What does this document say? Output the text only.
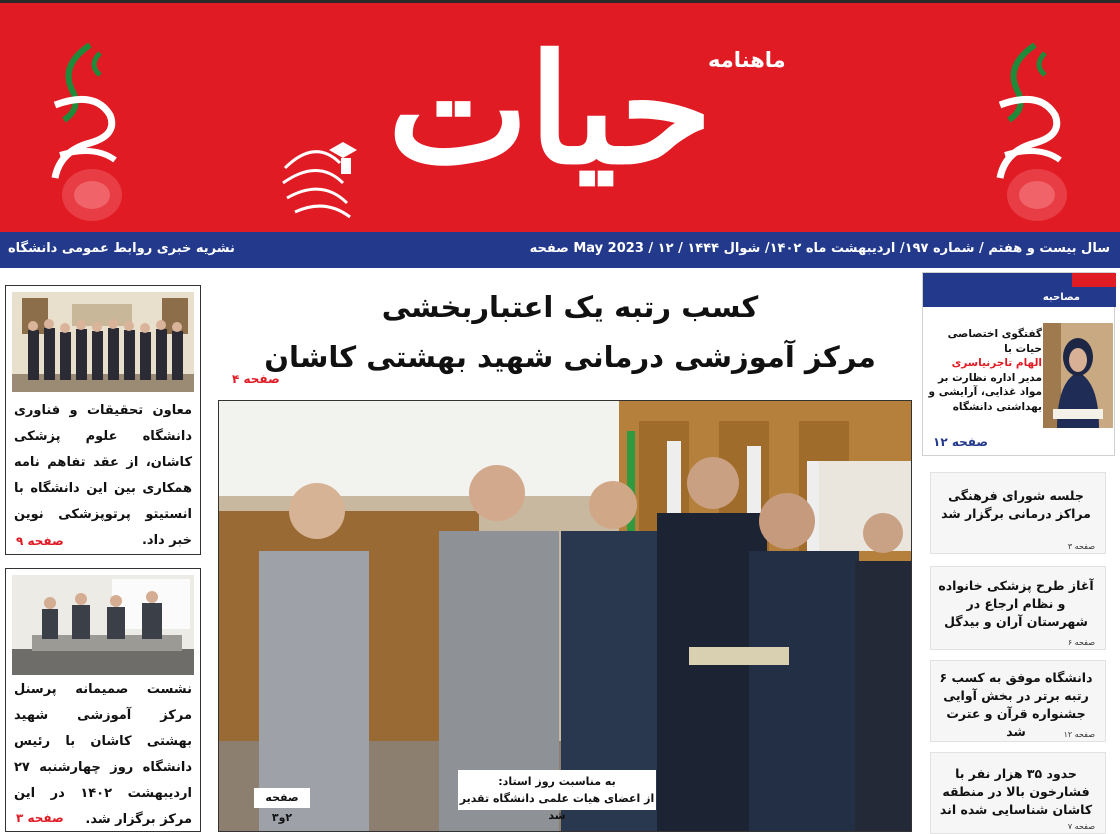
حیات
ماهنامه
سال بیست و هفتم / شماره ۱۹۷/ اردیبهشت ماه ۱۴۰۲/ شوال ۱۴۴۴ / May 2023 / ۱۲ صفحه
نشریه خبری روابط عمومی دانشگاه
معاون تحقیقات و فناوری دانشگاه علوم پزشکی کاشان، از عقد تفاهم نامه همکاری بین این دانشگاه با انستیتو پرتوپزشکی نوین خبر داد.
صفحه ۹
نشست صمیمانه پرسنل مرکز آموزشی شهید بهشتی کاشان با رئیس دانشگاه روز چهارشنبه ۲۷ اردیبهشت ۱۴۰۲ در این مرکز برگزار شد.
صفحه ۳
کسب رتبه یک اعتباربخشی
مرکز آموزشی درمانی شهید بهشتی کاشان
صفحه ۴
به مناسبت روز استاد:
از اعضای هیات علمی دانشگاه تقدیر شد
صفحه ۲و۳
مصاحبه
گفتگوی اختصاصی
حیات با
الهام تاجرنیاسری
مدیر اداره نظارت بر مواد غذایی، آرایشی و بهداشتی دانشگاه
صفحه ۱۲
جلسه شورای فرهنگی مراکز درمانی برگزار شد
صفحه ۳
آغاز طرح پزشکی خانواده و نظام ارجاع در شهرستان آران و بیدگل
صفحه ۶
دانشگاه موفق به کسب ۶ رتبه برتر در بخش آوایی جشنواره قرآن و عترت شد	صفحه ۱۲
حدود ۳۵ هزار نفر با فشارخون بالا در منطقه کاشان شناسایی شده اند
صفحه ۷
